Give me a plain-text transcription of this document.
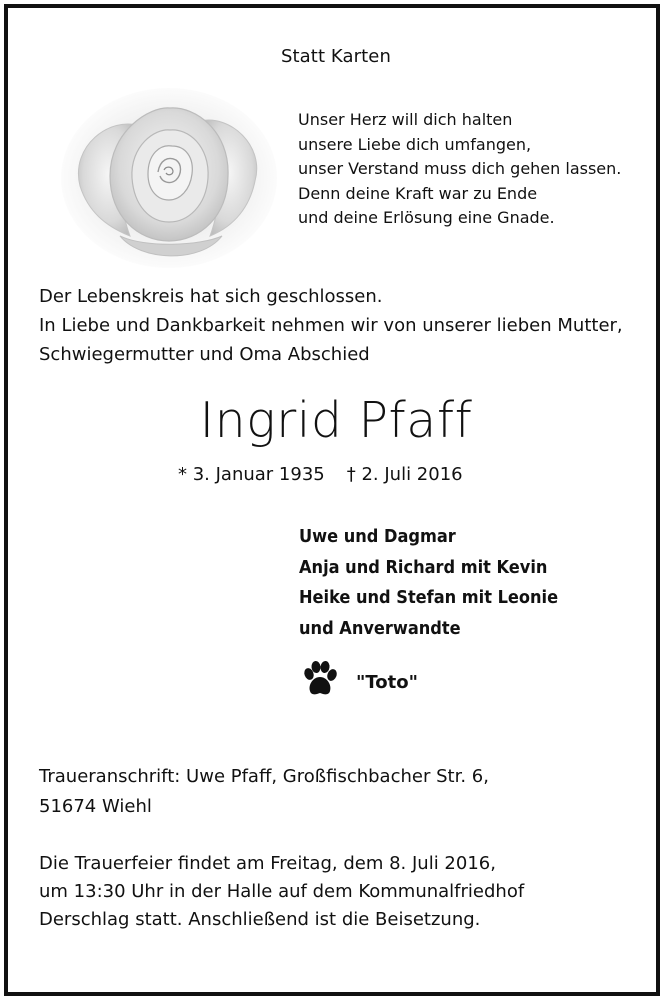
Statt Karten
Unser Herz will dich halten
unsere Liebe dich umfangen,
unser Verstand muss dich gehen lassen.
Denn deine Kraft war zu Ende
und deine Erlösung eine Gnade.
Der Lebenskreis hat sich geschlossen.
In Liebe und Dankbarkeit nehmen wir von unserer lieben Mutter,
Schwiegermutter und Oma Abschied
Ingrid Pfaff
* 3. Januar 1935 † 2. Juli 2016
Uwe und Dagmar
Anja und Richard mit Kevin
Heike und Stefan mit Leonie
und Anverwandte
"Toto"
Traueranschrift: Uwe Pfaff, Großfischbacher Str. 6,
51674 Wiehl
Die Trauerfeier findet am Freitag, dem 8. Juli 2016,
um 13:30 Uhr in der Halle auf dem Kommunalfriedhof
Derschlag statt. Anschließend ist die Beisetzung.
